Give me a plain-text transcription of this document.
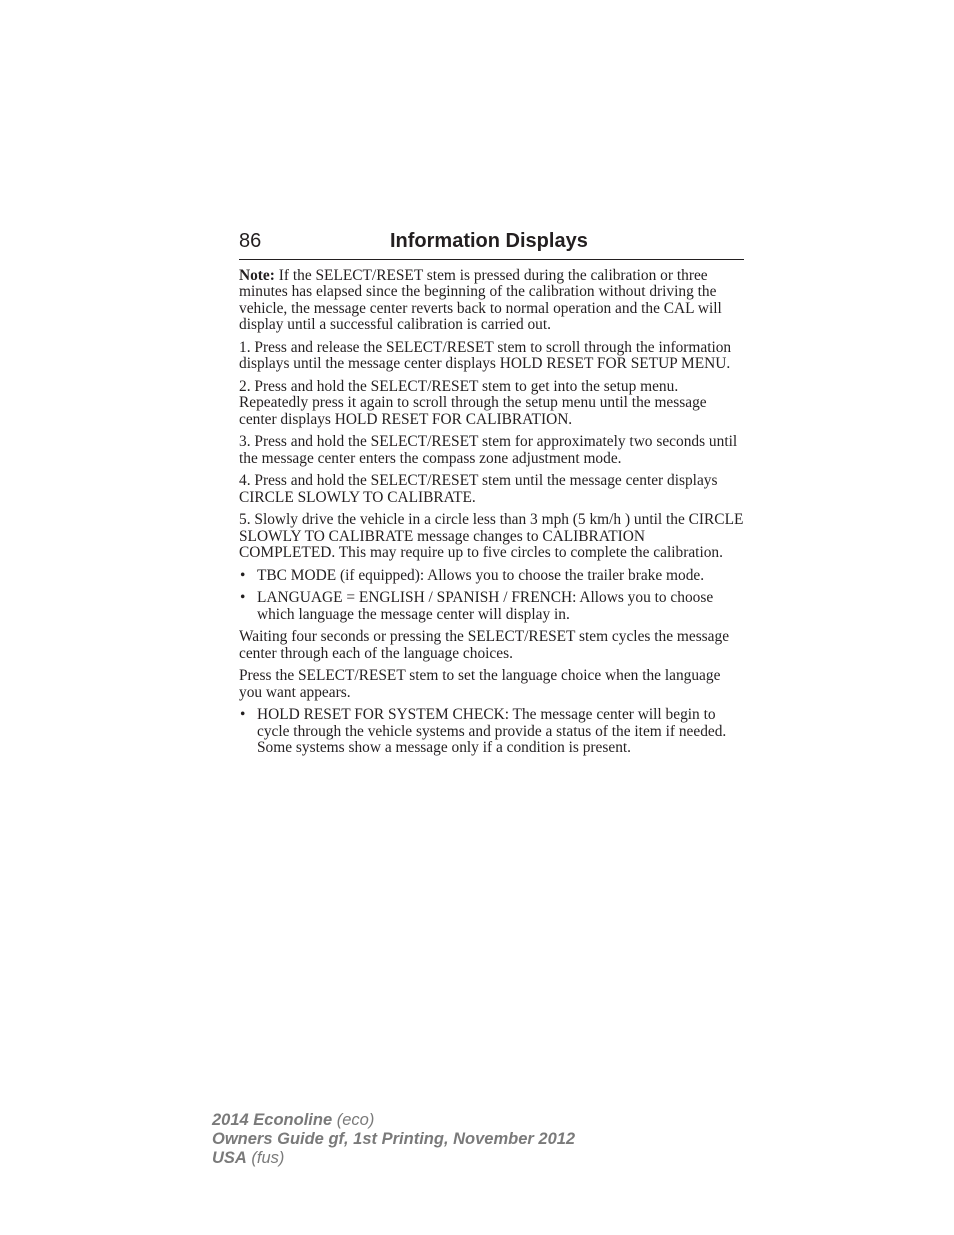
86	Information Displays

Note: If the SELECT/RESET stem is pressed during the calibration or three minutes has elapsed since the beginning of the calibration without driving the vehicle, the message center reverts back to normal operation and the CAL will display until a successful calibration is carried out.

1. Press and release the SELECT/RESET stem to scroll through the information displays until the message center displays HOLD RESET FOR SETUP MENU.

2. Press and hold the SELECT/RESET stem to get into the setup menu. Repeatedly press it again to scroll through the setup menu until the message center displays HOLD RESET FOR CALIBRATION.

3. Press and hold the SELECT/RESET stem for approximately two seconds until the message center enters the compass zone adjustment mode.

4. Press and hold the SELECT/RESET stem until the message center displays CIRCLE SLOWLY TO CALIBRATE.

5. Slowly drive the vehicle in a circle less than 3 mph (5 km/h ) until the CIRCLE SLOWLY TO CALIBRATE message changes to CALIBRATION COMPLETED. This may require up to five circles to complete the calibration.

• TBC MODE (if equipped): Allows you to choose the trailer brake mode.
• LANGUAGE = ENGLISH / SPANISH / FRENCH: Allows you to choose which language the message center will display in.

Waiting four seconds or pressing the SELECT/RESET stem cycles the message center through each of the language choices.

Press the SELECT/RESET stem to set the language choice when the language you want appears.

• HOLD RESET FOR SYSTEM CHECK: The message center will begin to cycle through the vehicle systems and provide a status of the item if needed. Some systems show a message only if a condition is present.
2014 Econoline (eco)
Owners Guide gf, 1st Printing, November 2012
USA (fus)
